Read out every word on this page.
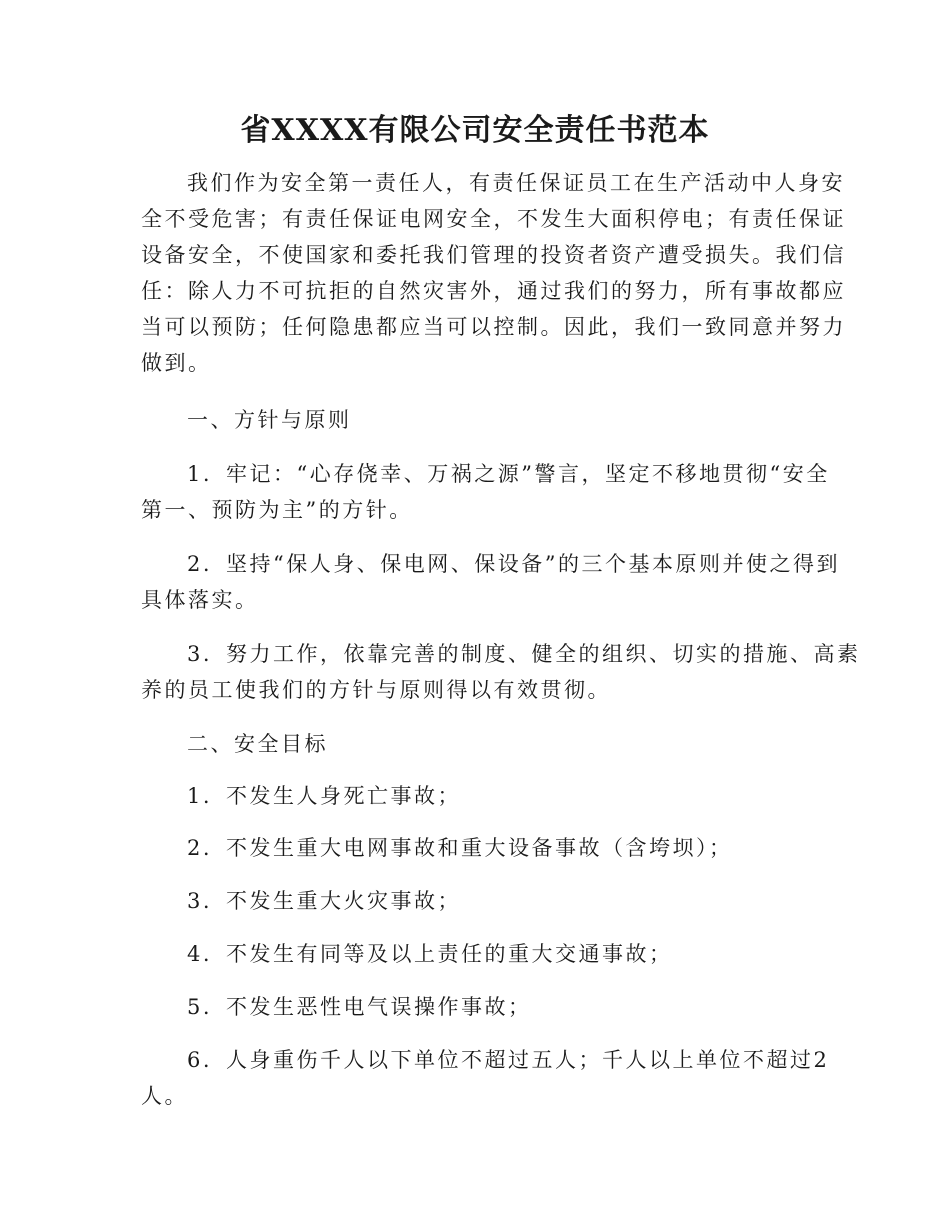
省XXXX有限公司安全责任书范本

我们作为安全第一责任人，有责任保证员工在生产活动中人身安

全不受危害；有责任保证电网安全，不发生大面积停电；有责任保证

设备安全，不使国家和委托我们管理的投资者资产遭受损失。我们信

任：除人力不可抗拒的自然灾害外，通过我们的努力，所有事故都应

当可以预防；任何隐患都应当可以控制。因此，我们一致同意并努力

做到。

一、方针与原则

1. 牢记：“心存侥幸、万祸之源”警言，坚定不移地贯彻“安全

第一、预防为主”的方针。

2. 坚持“保人身、保电网、保设备”的三个基本原则并使之得到

具体落实。

3. 努力工作，依靠完善的制度、健全的组织、切实的措施、高素

养的员工使我们的方针与原则得以有效贯彻。

二、安全目标

1. 不发生人身死亡事故；

2. 不发生重大电网事故和重大设备事故（含垮坝）；

3. 不发生重大火灾事故；

4. 不发生有同等及以上责任的重大交通事故；

5. 不发生恶性电气误操作事故；

6. 人身重伤千人以下单位不超过五人；千人以上单位不超过2

人。
